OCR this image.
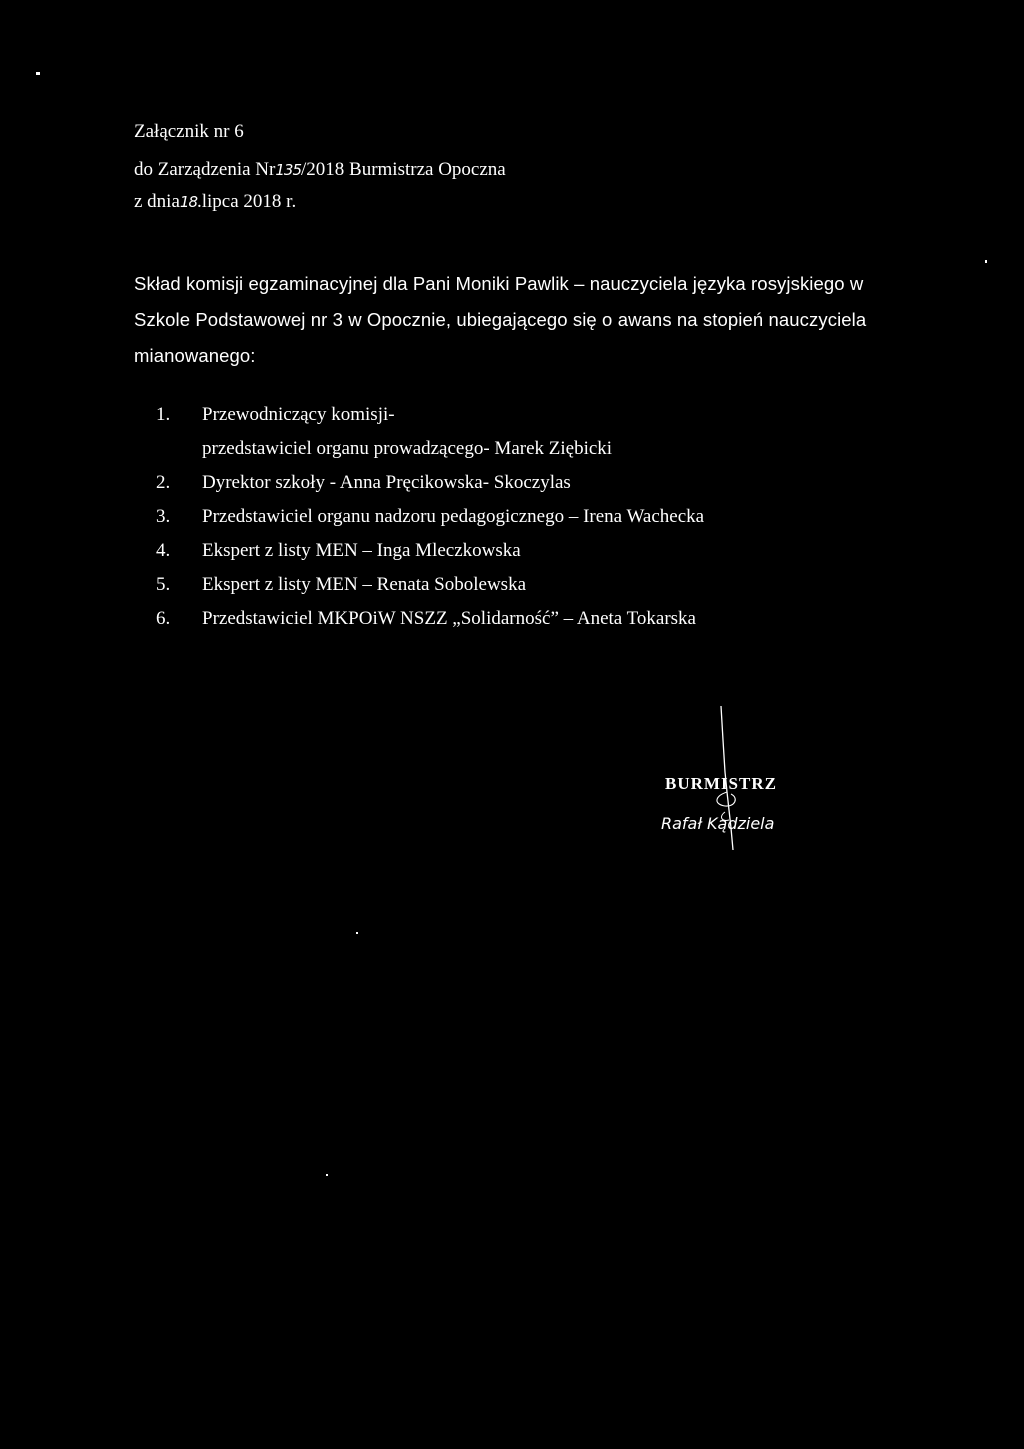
Załącznik nr 6
do Zarządzenia Nr135/2018 Burmistrza Opoczna
z dnia18.lipca 2018 r.
Skład komisji egzaminacyjnej dla Pani Moniki Pawlik – nauczyciela języka rosyjskiego w
Szkole Podstawowej nr 3 w Opocznie, ubiegającego się o awans na stopień nauczyciela
mianowanego:
1.	Przewodniczący komisji-
przedstawiciel organu prowadzącego- Marek Ziębicki
2.	Dyrektor szkoły - Anna Pręcikowska- Skoczylas
3.	Przedstawiciel organu nadzoru pedagogicznego – Irena Wachecka
4.	Ekspert z listy MEN – Inga Mleczkowska
5.	Ekspert z listy MEN – Renata Sobolewska
6.	Przedstawiciel MKPOiW NSZZ „Solidarność” – Aneta Tokarska
BURMISTRZ
Rafał Kądziela
